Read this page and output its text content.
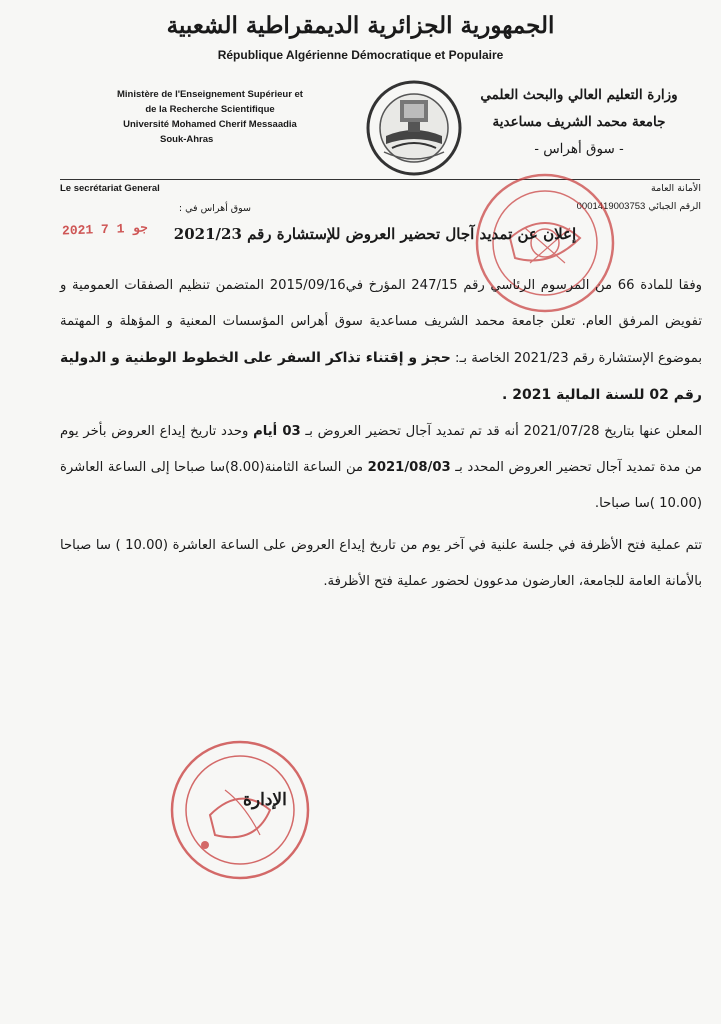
الجمهورية الجزائرية الديمقراطية الشعبية
République Algérienne Démocratique et Populaire
Ministère de l'Enseignement Supérieur et
de la Recherche Scientifique
Université Mohamed Cherif Messaadia
Souk-Ahras
وزارة التعليم العالي والبحث العلمي
جامعة محمد الشريف مساعدية
- سوق أهراس -
Le secrétariat General	الأمانة العامة
الرقم الجبائي 0001419003753
سوق أهراس في :
2021 جو 1 7	إعلان عن تمديد آجال تحضير العروض للإستشارة رقم 2021/23

وفقا للمادة 66 من المرسوم الرئاسي رقم 247/15 المؤرخ في2015/09/16 المتضمن تنظيم الصفقات العمومية و تفويض المرفق العام. تعلن جامعة محمد الشريف مساعدية سوق أهراس المؤسسات المعنية و المؤهلة و المهتمة بموضوع الإستشارة رقم 2021/23 الخاصة بـ: حجز و إقتناء تذاكر السفر على الخطوط الوطنية و الدولية رقم 02 للسنة المالية 2021 .

المعلن عنها بتاريخ 2021/07/28 أنه قد تم تمديد آجال تحضير العروض بـ 03 أيام وحدد تاريخ إيداع العروض بأخر يوم من مدة تمديد آجال تحضير العروض المحدد بـ 2021/08/03 من الساعة الثامنة(8.00)سا صباحا إلى الساعة العاشرة (10.00 )سا صباحا.

تتم عملية فتح الأظرفة في جلسة علنية في آخر يوم من تاريخ إيداع العروض على الساعة العاشرة (10.00 ) سا صباحا بالأمانة العامة للجامعة، العارضون مدعوون لحضور عملية فتح الأظرفة.

الإدارة
